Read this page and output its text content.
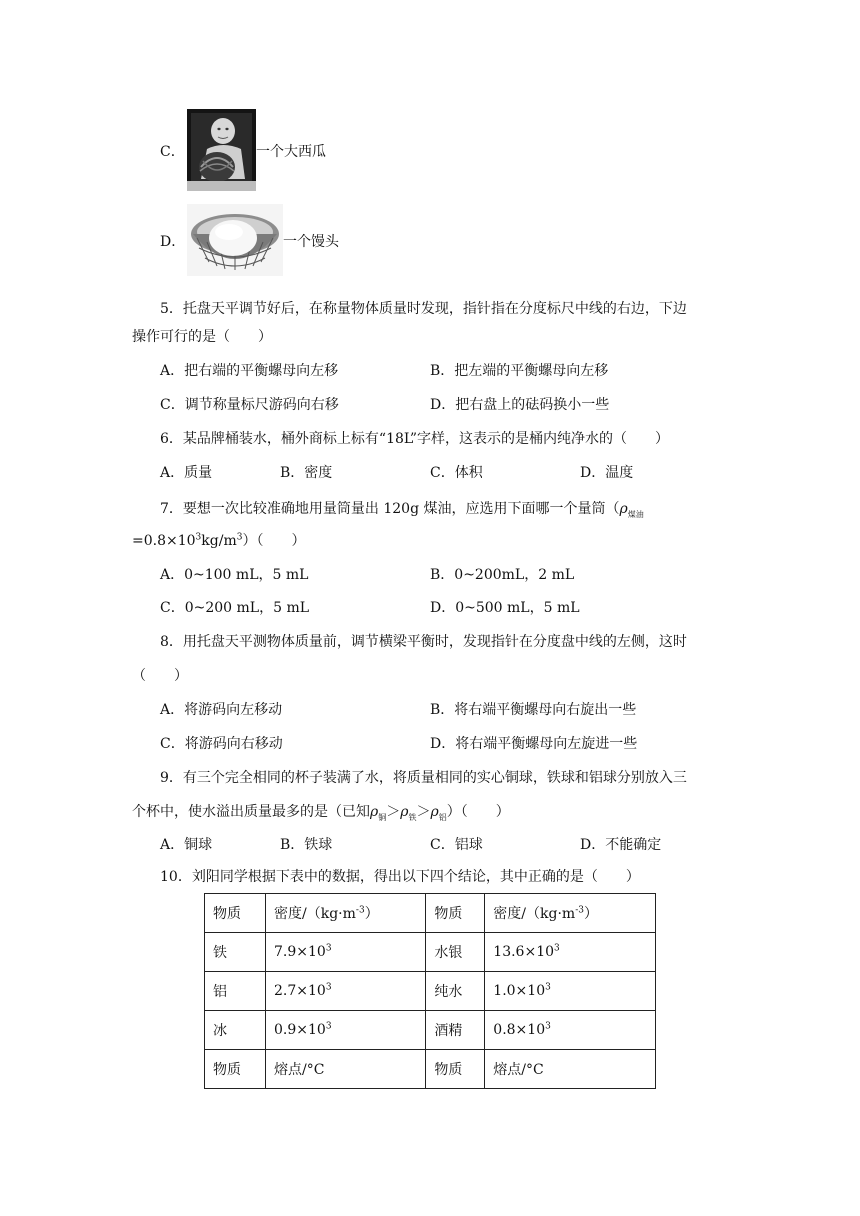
C．	一个大西瓜
D．	一个馒头
5．托盘天平调节好后，在称量物体质量时发现，指针指在分度标尺中线的右边，下边
操作可行的是（　　）
A．把右端的平衡螺母向左移	B．把左端的平衡螺母向左移
C．调节称量标尺游码向右移	D．把右盘上的砝码换小一些
6．某品牌桶装水，桶外商标上标有“18L”字样，这表示的是桶内纯净水的（　　）
A．质量	B．密度	C．体积	D．温度
7．要想一次比较准确地用量筒量出 120g 煤油，应选用下面哪一个量筒（$\rho_{煤油}$
$=0.8\times 10^3kg/m^3$）（　　）
A．0~100 mL，5 mL	B．0~200mL，2 mL
C．0~200 mL，5 mL	D．0~500 mL，5 mL
8．用托盘天平测物体质量前，调节横梁平衡时，发现指针在分度盘中线的左侧，这时
（　　）
A．将游码向左移动	B．将右端平衡螺母向右旋出一些
C．将游码向右移动	D．将右端平衡螺母向左旋进一些
9．有三个完全相同的杯子装满了水，将质量相同的实心铜球，铁球和铝球分别放入三
个杯中，使水溢出质量最多的是（已知$\rho_铜>\rho_铁>\rho_铝$）（　　）
A．铜球	B．铁球	C．铝球	D．不能确定
10．刘阳同学根据下表中的数据，得出以下四个结论，其中正确的是（　　）
物质	密度$/(kg\cdot m^{-3})$	物质	密度$/(kg\cdot m^{-3})$
铁	$7.9\times 10^3$	水银	$13.6\times 10^3$
铝	$2.7\times 10^3$	纯水	$1.0\times 10^3$
冰	$0.9\times 10^3$	酒精	$0.8\times 10^3$
物质	熔点/°C	物质	熔点/°C
